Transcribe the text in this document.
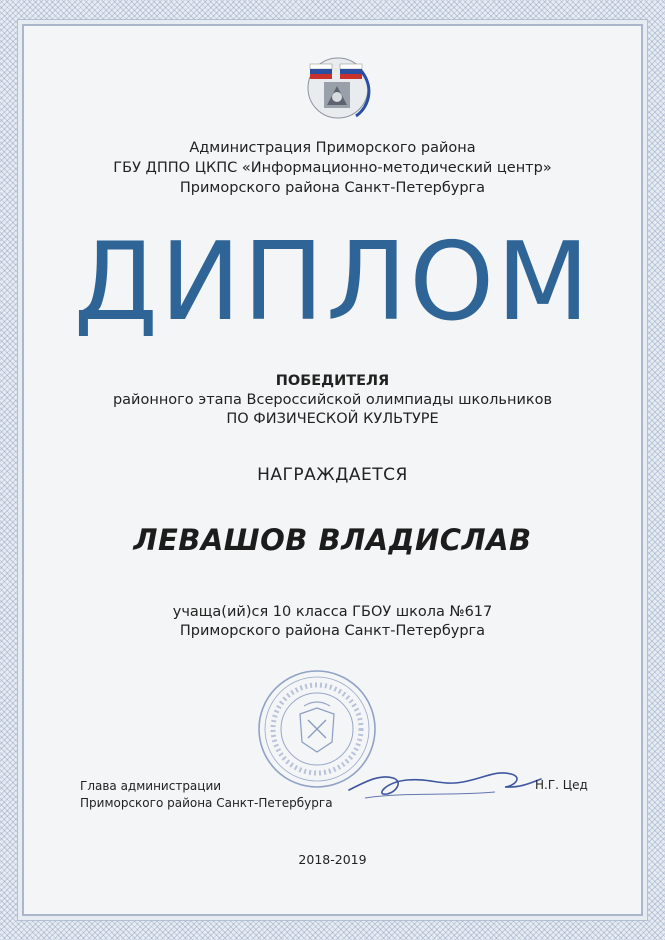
Администрация Приморского района
ГБУ ДППО ЦКПС «Информационно-методический центр»
Приморского района Санкт-Петербурга
ДИПЛОМ
ПОБЕДИТЕЛЯ
районного этапа Всероссийской олимпиады школьников
ПО ФИЗИЧЕСКОЙ КУЛЬТУРЕ
НАГРАЖДАЕТСЯ
ЛЕВАШОВ ВЛАДИСЛАВ
учаща(ий)ся 10 класса ГБОУ школа №617
Приморского района Санкт-Петербурга
Глава администрации
Приморского района Санкт-Петербурга
Н.Г. Цед
2018-2019
